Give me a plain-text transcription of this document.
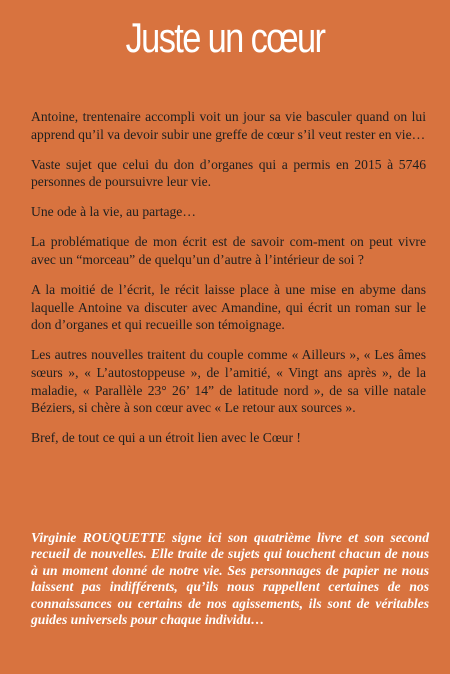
Juste un cœur

Antoine, trentenaire accompli voit un jour sa vie basculer quand on lui apprend qu’il va devoir subir une greffe de cœur s’il veut rester en vie…

Vaste sujet que celui du don d’organes qui a permis en 2015 à 5746 personnes de poursuivre leur vie.

Une ode à la vie, au partage…

La problématique de mon écrit est de savoir com-ment on peut vivre avec un “morceau” de quelqu’un d’autre à l’intérieur de soi ?

A la moitié de l’écrit, le récit laisse place à une mise en abyme dans laquelle Antoine va discuter avec Amandine, qui écrit un roman sur le don d’organes et qui recueille son témoignage.

Les autres nouvelles traitent du couple comme « Ailleurs », « Les âmes sœurs », « L’autostoppeuse », de l’amitié, « Vingt ans après », de la maladie, « Parallèle 23° 26’ 14” de latitude nord », de sa ville natale Béziers, si chère à son cœur avec « Le retour aux sources ».

Bref, de tout ce qui a un étroit lien avec le Cœur !

Virginie ROUQUETTE signe ici son quatrième livre et son second recueil de nouvelles. Elle traite de sujets qui touchent chacun de nous à un moment donné de notre vie. Ses personnages de papier ne nous laissent pas indifférents, qu’ils nous rappellent certaines de nos connaissances ou certains de nos agissements, ils sont de véritables guides universels pour chaque individu…
